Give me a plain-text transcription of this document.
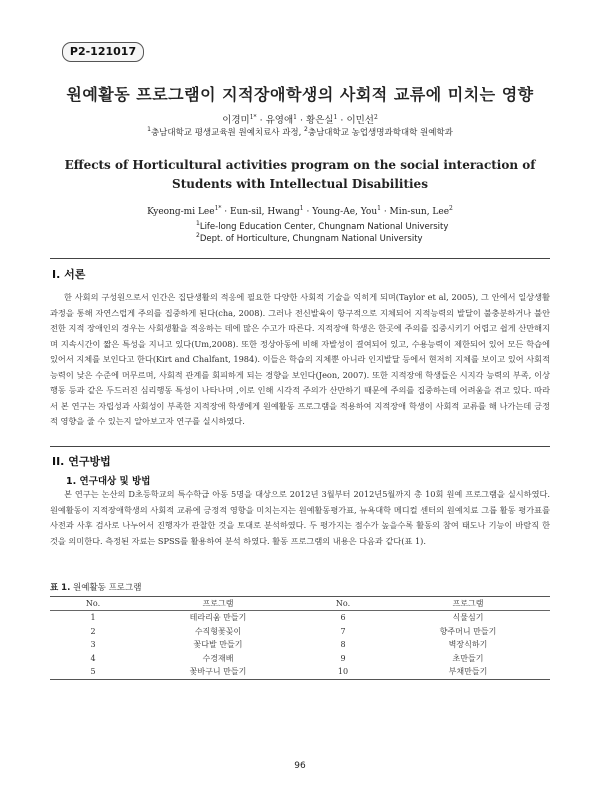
P2-121017
원예활동 프로그램이 지적장애학생의 사회적 교류에 미치는 영향
이경미$^{1*}$ · 유영애$^1$ · 황은실$^1$ · 이민선$^2$
$^1$충남대학교 평생교육원 원예치료사 과정, $^2$충남대학교 농업생명과학대학 원예학과
Effects of Horticultural activities program on the social interaction of
Students with Intellectual Disabilities
Kyeong-mi Lee$^{1*}$ · Eun-sil, Hwang$^1$ · Young-Ae, You$^1$ · Min-sun, Lee$^2$
$^1$Life-long Education Center, Chungnam National University
$^2$Dept. of Horticulture, Chungnam National University
I. 서론

한 사회의 구성원으로서 인간은 집단생활의 적응에 필요한 다양한 사회적 기술을 익히게 되며(Taylor et al, 2005), 그 안에서 일상생활 과정을 통해 자연스럽게 주의를 집중하게 된다(cha, 2008). 그러나 전신발육이 항구적으로 지체되어 지적능력의 발달이 불충분하거나 불안전한 지적 장애인의 경우는 사회생활을 적응하는 데에 많은 수고가 따른다. 지적장애 학생은 한곳에 주의를 집중시키기 어렵고 쉽게 산만해지며 지속시간이 짧은 특성을 지니고 있다(Um,2008). 또한 정상아동에 비해 자발성이 결여되어 있고, 수용능력이 제한되어 있어 모든 학습에 있어서 지체를 보인다고 한다(Kirt and Chalfant, 1984). 이들은 학습의 지체뿐 아니라 인지발달 등에서 현저히 지체를 보이고 있어 사회적 능력이 낮은 수준에 머무르며, 사회적 관계를 회피하게 되는 경향을 보인다(Jeon, 2007). 또한 지적장애 학생들은 시지각 능력의 부족, 이상행동 등과 같은 두드러진 심리행동 특성이 나타나며 ,이로 인해 시각적 주의가 산만하기 때문에 주의를 집중하는데 어려움을 겪고 있다. 따라서 본 연구는 자립성과 사회성이 부족한 지적장애 학생에게 원예활동 프로그램을 적용하여 지적장애 학생이 사회적 교류를 해 나가는데 긍정적 영향을 줄 수 있는지 알아보고자 연구를 실시하였다.

II. 연구방법
1. 연구대상 및 방법

본 연구는 논산의 D초등학교의 특수학급 아동 5명을 대상으로 2012년 3월부터 2012년5월까지 총 10회 원예 프로그램을 실시하였다. 원예활동이 지적장애학생의 사회적 교류에 긍정적 영향을 미치는지는 원예활동평가표, 뉴욕대학 메디컬 센터의 원예치료 그룹 활동 평가표를 사전과 사후 검사로 나누어서 진행자가 관찰한 것을 토대로 분석하였다. 두 평가지는 점수가 높을수록 활동의 참여 태도나 기능이 바람직 한 것을 의미한다. 측정된 자료는 SPSS를 활용하여 분석 하였다. 활동 프로그램의 내용은 다음과 같다(표 1).

표 1. 원예활동 프로그램
No.	프로그램	No.	프로그램
1	테라리움 만들기	6	식물심기
2	수직형꽃꽂이	7	향주머니 만들기
3	꽃다발 만들기	8	벽장식하기
4	수경재배	9	초만들기
5	꽃바구니 만들기	10	부채만들기
96
